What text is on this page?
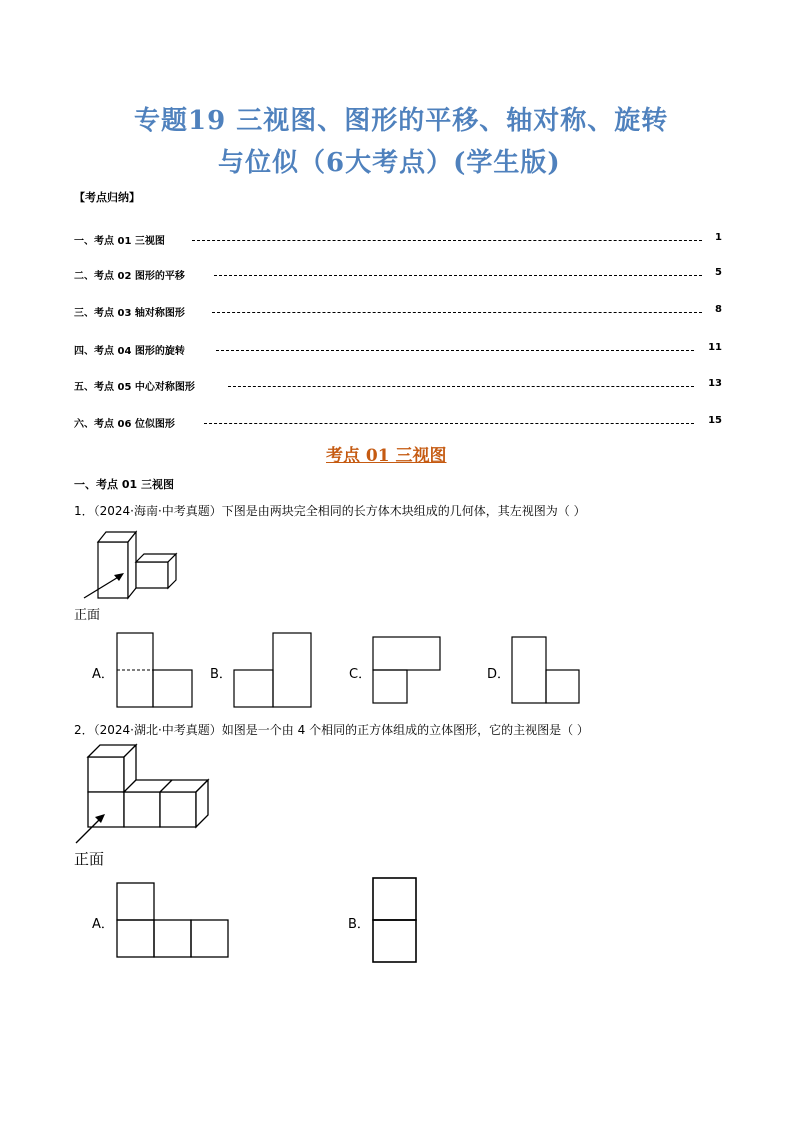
专题19 三视图、图形的平移、轴对称、旋转
与位似（6大考点）(学生版)
【考点归纳】
一、考点 01 三视图	1
二、考点 02 图形的平移	5
三、考点 03 轴对称图形	8
四、考点 04 图形的旋转	11
五、考点 05 中心对称图形	13
六、考点 06 位似图形	15
考点 01 三视图
一、考点 01 三视图
1．（2024·海南·中考真题）下图是由两块完全相同的长方体木块组成的几何体，其左视图为（ ）
正面
A．	B．	C．	D．
2．（2024·湖北·中考真题）如图是一个由 4 个相同的正方体组成的立体图形，它的主视图是（ ）
正面
A．	B．
